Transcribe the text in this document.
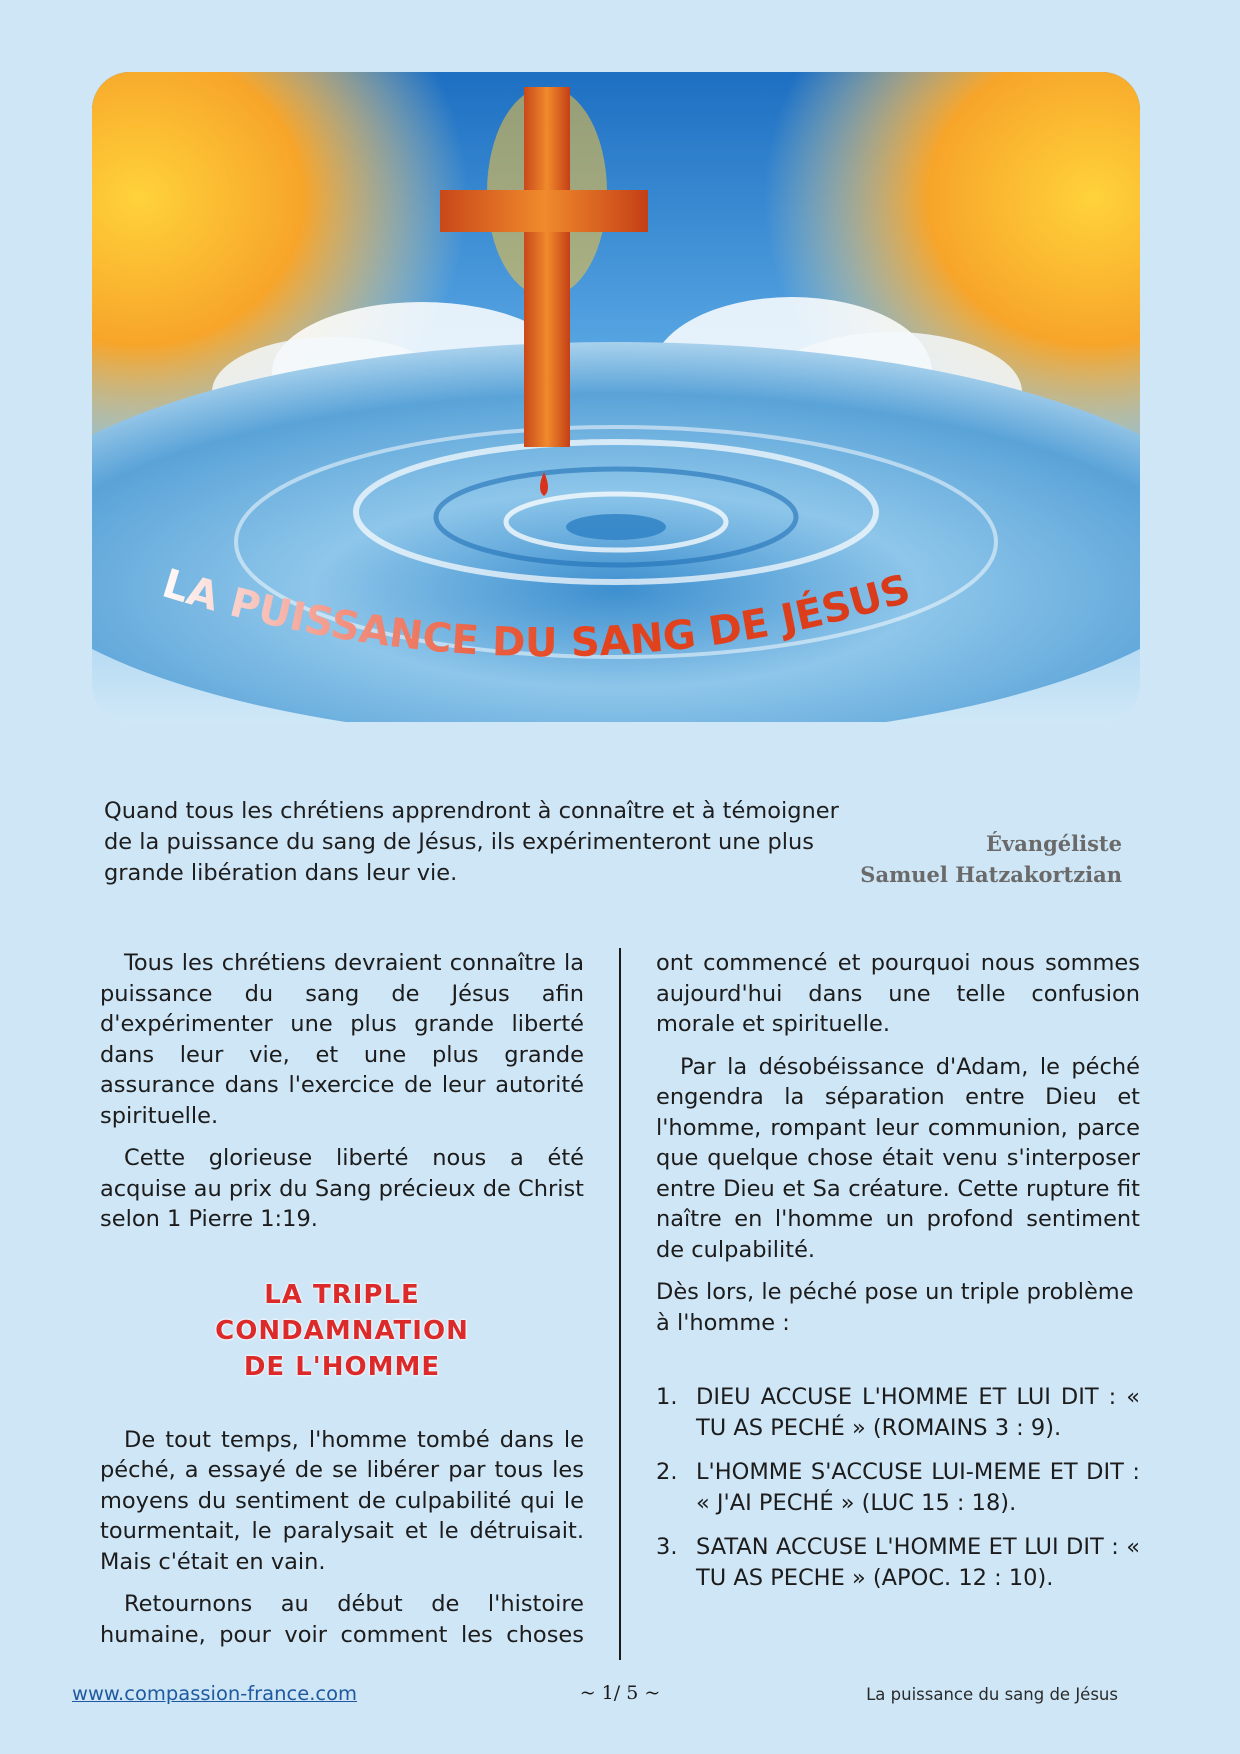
LA PUISSANCE DU SANG DE JÉSUS
Quand tous les chrétiens apprendront à connaître et à témoigner de la puissance du sang de Jésus, ils expérimenteront une plus grande libération dans leur vie.
Évangéliste
Samuel Hatzakortzian

Tous les chrétiens devraient connaître la puissance du sang de Jésus afin d'expérimenter une plus grande liberté dans leur vie, et une plus grande assurance dans l'exercice de leur autorité spirituelle.

Cette glorieuse liberté nous a été acquise au prix du Sang précieux de Christ selon 1 Pierre 1:19.

LA TRIPLE
CONDAMNATION
DE L'HOMME

De tout temps, l'homme tombé dans le péché, a essayé de se libérer par tous les moyens du sentiment de culpabilité qui le tourmentait, le paralysait et le détruisait. Mais c'était en vain.

Retournons au début de l'histoire humaine, pour voir comment les choses

ont commencé et pourquoi nous sommes aujourd'hui dans une telle confusion morale et spirituelle.

Par la désobéissance d'Adam, le péché engendra la séparation entre Dieu et l'homme, rompant leur communion, parce que quelque chose était venu s'interposer entre Dieu et Sa créature. Cette rupture fit naître en l'homme un profond sentiment de culpabilité.

Dès lors, le péché pose un triple problème à l'homme :

1. DIEU ACCUSE L'HOMME ET LUI DIT : « TU AS PECHÉ » (ROMAINS 3 : 9).
2. L'HOMME S'ACCUSE LUI-MEME ET DIT : « J'AI PECHÉ » (LUC 15 : 18).
3. SATAN ACCUSE L'HOMME ET LUI DIT : « TU AS PECHE » (APOC. 12 : 10).
www.compassion-france.com	~ 1/ 5 ~	La puissance du sang de Jésus
